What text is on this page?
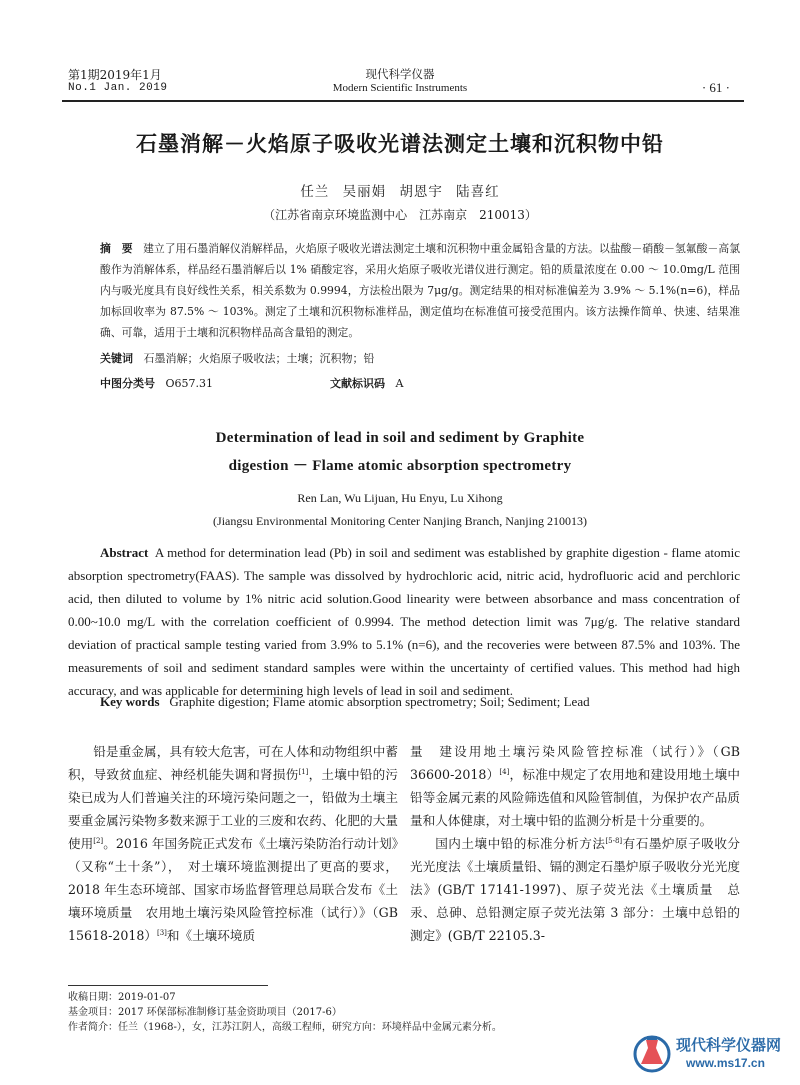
第1期2019年1月
No.1 Jan. 2019
现代科学仪器
Modern Scientific Instruments	· 61 ·
石墨消解－火焰原子吸收光谱法测定土壤和沉积物中铅
任兰 吴丽娟 胡恩宇 陆喜红
（江苏省南京环境监测中心　江苏南京　210013）
摘　要 建立了用石墨消解仪消解样品，火焰原子吸收光谱法测定土壤和沉积物中重金属铅含量的方法。以盐酸－硝酸－氢氟酸－高氯酸作为消解体系，样品经石墨消解后以 1% 硝酸定容，采用火焰原子吸收光谱仪进行测定。铅的质量浓度在 0.00 ～ 10.0mg/L 范围内与吸光度具有良好线性关系，相关系数为 0.9994，方法检出限为 7μg/g。测定结果的相对标准偏差为 3.9% ～ 5.1%(n=6)，样品加标回收率为 87.5% ～ 103%。测定了土壤和沉积物标准样品，测定值均在标准值可接受范围内。该方法操作简单、快速、结果准确、可靠，适用于土壤和沉积物样品高含量铅的测定。
关键词 石墨消解；火焰原子吸收法；土壤；沉积物；铅
中图分类号 O657.31	文献标识码 A
Determination of lead in soil and sediment by Graphite
digestion － Flame atomic absorption spectrometry
Ren Lan, Wu Lijuan, Hu Enyu, Lu Xihong
(Jiangsu Environmental Monitoring Center Nanjing Branch, Nanjing 210013)
Abstract A method for determination lead (Pb) in soil and sediment was established by graphite digestion - flame atomic absorption spectrometry(FAAS). The sample was dissolved by hydrochloric acid, nitric acid, hydrofluoric acid and perchloric acid, then diluted to volume by 1% nitric acid solution.Good linearity were between absorbance and mass concentration of 0.00~10.0 mg/L with the correlation coefficient of 0.9994. The method detection limit was 7μg/g. The relative standard deviation of practical sample testing varied from 3.9% to 5.1% (n=6), and the recoveries were between 87.5% and 103%. The measurements of soil and sediment standard samples were within the uncertainty of certified values. This method had high accuracy, and was applicable for determining high levels of lead in soil and sediment.
Key words Graphite digestion; Flame atomic absorption spectrometry; Soil; Sediment; Lead

铅是重金属，具有较大危害，可在人体和动物组织中蓄积，导致贫血症、神经机能失调和肾损伤[1]，土壤中铅的污染已成为人们普遍关注的环境污染问题之一，铅做为土壤主要重金属污染物多数来源于工业的三废和农药、化肥的大量使用[2]。2016 年国务院正式发布《土壤污染防治行动计划》（又称“土十条”），　对土壤环境监测提出了更高的要求，2018 年生态环境部、国家市场监督管理总局联合发布《土壤环境质量　农用地土壤污染风险管控标准（试行）》（GB 15618-2018）[3]和《土壤环境质

量　建设用地土壤污染风险管控标准（试行）》（GB 36600-2018）[4]，标准中规定了农用地和建设用地土壤中铅等金属元素的风险筛选值和风险管制值，为保护农产品质量和人体健康，对土壤中铅的监测分析是十分重要的。

国内土壤中铅的标准分析方法[5-8]有石墨炉原子吸收分光光度法《土壤质量铅、镉的测定石墨炉原子吸收分光光度法》(GB/T 17141-1997)、原子荧光法《土壤质量　总汞、总砷、总铅测定原子荧光法第 3 部分：土壤中总铅的测定》(GB/T 22105.3-

收稿日期：2019-01-07
基金项目：2017 环保部标准制修订基金资助项目（2017-6）
作者简介：任兰（1968-），女，江苏江阴人，高级工程师，研究方向：环境样品中金属元素分析。
现代科学仪器网
www.ms17.cn
